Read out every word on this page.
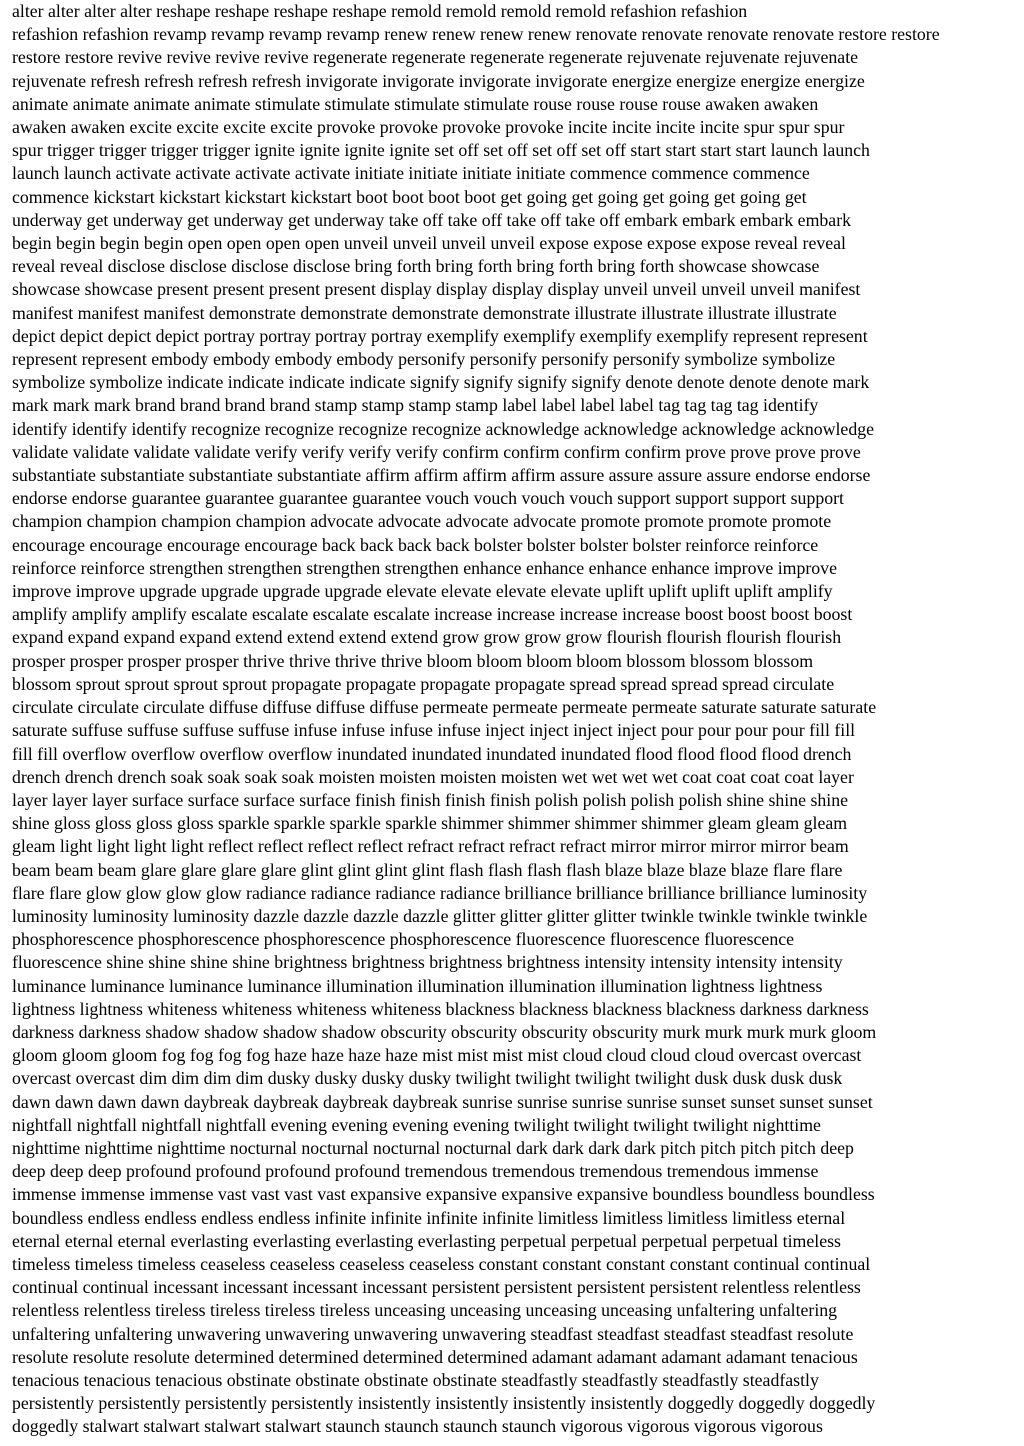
alter alter alter alter reshape reshape reshape reshape remold remold remold remold refashion refashion
refashion refashion revamp revamp revamp revamp renew renew renew renew renovate renovate renovate renovate restore restore
restore restore revive revive revive revive regenerate regenerate regenerate regenerate rejuvenate rejuvenate rejuvenate
rejuvenate refresh refresh refresh refresh invigorate invigorate invigorate invigorate energize energize energize energize
animate animate animate animate stimulate stimulate stimulate stimulate rouse rouse rouse rouse awaken awaken
awaken awaken excite excite excite excite provoke provoke provoke provoke incite incite incite incite spur spur spur
spur trigger trigger trigger trigger ignite ignite ignite ignite set off set off set off set off start start start start launch launch
launch launch activate activate activate activate initiate initiate initiate initiate commence commence commence
commence kickstart kickstart kickstart kickstart boot boot boot boot get going get going get going get going get
underway get underway get underway get underway take off take off take off take off embark embark embark embark
begin begin begin begin open open open open unveil unveil unveil unveil expose expose expose expose reveal reveal
reveal reveal disclose disclose disclose disclose bring forth bring forth bring forth bring forth showcase showcase
showcase showcase present present present present display display display display unveil unveil unveil unveil manifest
manifest manifest manifest demonstrate demonstrate demonstrate demonstrate illustrate illustrate illustrate illustrate
depict depict depict depict portray portray portray portray exemplify exemplify exemplify exemplify represent represent
represent represent embody embody embody embody personify personify personify personify symbolize symbolize
symbolize symbolize indicate indicate indicate indicate signify signify signify signify denote denote denote denote mark
mark mark mark brand brand brand brand stamp stamp stamp stamp label label label label tag tag tag tag identify
identify identify identify recognize recognize recognize recognize acknowledge acknowledge acknowledge acknowledge
validate validate validate validate verify verify verify verify confirm confirm confirm confirm prove prove prove prove
substantiate substantiate substantiate substantiate affirm affirm affirm affirm assure assure assure assure endorse endorse
endorse endorse guarantee guarantee guarantee guarantee vouch vouch vouch vouch support support support support
champion champion champion champion advocate advocate advocate advocate promote promote promote promote
encourage encourage encourage encourage back back back back bolster bolster bolster bolster reinforce reinforce
reinforce reinforce strengthen strengthen strengthen strengthen enhance enhance enhance enhance improve improve
improve improve upgrade upgrade upgrade upgrade elevate elevate elevate elevate uplift uplift uplift uplift amplify
amplify amplify amplify escalate escalate escalate escalate increase increase increase increase boost boost boost boost
expand expand expand expand extend extend extend extend grow grow grow grow flourish flourish flourish flourish
prosper prosper prosper prosper thrive thrive thrive thrive bloom bloom bloom bloom blossom blossom blossom
blossom sprout sprout sprout sprout propagate propagate propagate propagate spread spread spread spread circulate
circulate circulate circulate diffuse diffuse diffuse diffuse permeate permeate permeate permeate saturate saturate saturate
saturate suffuse suffuse suffuse suffuse infuse infuse infuse infuse inject inject inject inject pour pour pour pour fill fill
fill fill overflow overflow overflow overflow inundated inundated inundated inundated flood flood flood flood drench
drench drench drench soak soak soak soak moisten moisten moisten moisten wet wet wet wet coat coat coat coat layer
layer layer layer surface surface surface surface finish finish finish finish polish polish polish polish shine shine shine
shine gloss gloss gloss gloss sparkle sparkle sparkle sparkle shimmer shimmer shimmer shimmer gleam gleam gleam
gleam light light light light reflect reflect reflect reflect refract refract refract refract mirror mirror mirror mirror beam
beam beam beam glare glare glare glare glint glint glint glint flash flash flash flash blaze blaze blaze blaze flare flare
flare flare glow glow glow glow radiance radiance radiance radiance brilliance brilliance brilliance brilliance luminosity
luminosity luminosity luminosity dazzle dazzle dazzle dazzle glitter glitter glitter glitter twinkle twinkle twinkle twinkle
phosphorescence phosphorescence phosphorescence phosphorescence fluorescence fluorescence fluorescence
fluorescence shine shine shine shine brightness brightness brightness brightness intensity intensity intensity intensity
luminance luminance luminance luminance illumination illumination illumination illumination lightness lightness
lightness lightness whiteness whiteness whiteness whiteness blackness blackness blackness blackness darkness darkness
darkness darkness shadow shadow shadow shadow obscurity obscurity obscurity obscurity murk murk murk murk gloom
gloom gloom gloom fog fog fog fog haze haze haze haze mist mist mist mist cloud cloud cloud cloud overcast overcast
overcast overcast dim dim dim dim dusky dusky dusky dusky twilight twilight twilight twilight dusk dusk dusk dusk
dawn dawn dawn dawn daybreak daybreak daybreak daybreak sunrise sunrise sunrise sunrise sunset sunset sunset sunset
nightfall nightfall nightfall nightfall evening evening evening evening twilight twilight twilight twilight nighttime
nighttime nighttime nighttime nocturnal nocturnal nocturnal nocturnal dark dark dark dark pitch pitch pitch pitch deep
deep deep deep profound profound profound profound tremendous tremendous tremendous tremendous immense
immense immense immense vast vast vast vast expansive expansive expansive expansive boundless boundless boundless
boundless endless endless endless endless infinite infinite infinite infinite limitless limitless limitless limitless eternal
eternal eternal eternal everlasting everlasting everlasting everlasting perpetual perpetual perpetual perpetual timeless
timeless timeless timeless ceaseless ceaseless ceaseless ceaseless constant constant constant constant continual continual
continual continual incessant incessant incessant incessant persistent persistent persistent persistent relentless relentless
relentless relentless tireless tireless tireless tireless unceasing unceasing unceasing unceasing unfaltering unfaltering
unfaltering unfaltering unwavering unwavering unwavering unwavering steadfast steadfast steadfast steadfast resolute
resolute resolute resolute determined determined determined determined adamant adamant adamant adamant tenacious
tenacious tenacious tenacious obstinate obstinate obstinate obstinate steadfastly steadfastly steadfastly steadfastly
persistently persistently persistently persistently insistently insistently insistently insistently doggedly doggedly doggedly
doggedly stalwart stalwart stalwart stalwart staunch staunch staunch staunch vigorous vigorous vigorous vigorous
